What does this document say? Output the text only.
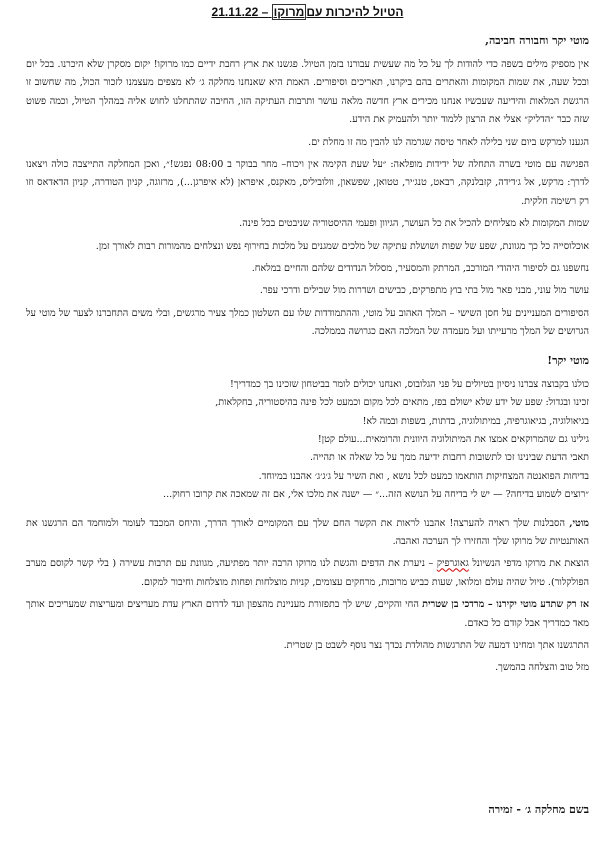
הטיול להיכרות עםמרוקו – 21.11.22
מוטי יקר וחבורה חביבה,

אין מספיק מילים בשפה כדי להודות לך על כל מה שעשית עבורנו בזמן הטיול. פגשנו את ארץ רחבת ידיים כמו מרוקו! יקום מסקרן שלא היכרנו. בכל יום ובכל שעה, את שמות המקומות והאתרים בהם ביקרנו, תאריכים וסיפורים. האמת היא שאנחנו מחלקה ג׳ לא מצפים מעצמנו לזכור הכול, מה שחשוב זו הרגשת המלאות והידיעה שעכשיו אנחנו מכירים ארץ חדשה מלאה עושר ותרבות העתיקה הזו, החיבה שהתחלנו לחוש אליה במהלך הטיול, וכמה פשוט שזה כבר ״הדליק״ אצלי את הרצון ללמוד יותר ולהעמיק את הידע.

הגענו למרקש ביום שני בלילה לאחר טיסה שגרמה לנו להבין מה זו מחלת ים.

הפגישה עם מוטי בשרה התחלה של ידידות מופלאה: ״על שעת הקימה אין ויכוח– מחר בבוקר ב 08:00 נפגש!״, ואכן המחלקה התייצבה כולה ויצאנו לדרך: מרקש, אל ג׳דידה, קזבלנקה, רבאט, טנג׳יר, טטואן, שפשאון, וולוביליס, מאקנס, איפראן (לא איפרגן...), מרזוגה, קניון הטודרה, קניון הדאדאס וזו רק רשימה חלקית.

שמות המקומות לא מצליחים להכיל את כל העושר, הגיוון ופעמי ההיסטוריה שניבטים בכל פינה.

אוכלוסייה כל כך מגוונת, שפע של שפות ושושלת עתיקה של מלכים שמגנים על מלכות בחירוף נפש ונצלחים מהמורות רבות לאורך זמן.

נחשפנו גם לסיפור היהודי המורכב, המרתק והמסעיר, מסלול הנדודים שלהם והחיים במלאח.

עושר מול עוני, מבני פאר מול בתי בוץ מתפרקים, כבישים ושדרות מול שבילים ודרכי עפר.

הסיפורים המעניינים על חסן השישי – המלך האהוב על מוטי, וההתמודדות שלו עם השלטון כמלך צעיר מרגשים, ובלי משים התחברנו לצער של מוטי על הגרושים של המלך מרעייתו ועל מעמדה של המלכה האם כגרושה בממלכה.

מוטי יקר!

כולנו בקבוצה צברנו ניסיון בטיולים על פני הגלובוס, ואנחנו יכולים לומר בביטחון שזכינו בך כמדריך!

זכינו ובגדול: שפע של ידע שלא ישולם בפז, מתאים לכל מקום וכמעט לכל פינה בהיסטוריה, בחקלאות,

בגיאולוגיה, בגיאוגרפיה, במיתולוגיה, בדתות, בשפות ובמה לא!

גילינו גם שהמרוקאים אמצו את המיתולוגיה היוונית והרומאית...עולם קטן!

תאבי הדעת שבינינו זכו לתשובות רחבות ידיעה ממך על כל שאלה או תהייה.

בדיחות הפואנטה המצחיקות הותאמו כמעט לכל נושא , ואת השיר על ג׳ג׳ג׳ אהבנו במיוחד.

״רוצים לשמוע בדיחה? — יש לי בדיחה על הנושא הזה...״ — ישנה את מלכו אלי, אם זה שמאכה את קרובו רחוק...

מוטי, הסבלנות שלך ראויה להערצה! אהבנו לראות את הקשר החם שלך עם המקומיים לאורך הדרך, והיחס המכבד לעומר ולמוחמד הם הרגשנו את האותנטיות של מרוקו שלך והחזירו לך הערכה ואהבה.

הוצאת את מרוקו מדפי הנשיונל גאוגרפיק – ניערת את הדפים והגשת לנו מרוקו הרבה יותר מפתיעה, מגוונת עם תרבות עשירה ( בלי קשר לקוסם מערב הפולקלור). טיול שהיה עולם ומלואו, שעות כביש מרובות, מרחקים עצומים, קניות מוצלחות ופחות מוצלחות וחיבור למקום.

אז רק שתדע מוטי יקירנו – מרדכי בן שטרית החי והקיים, שיש לך בתפזורת מעניינת מהצפון ועד לדרום הארץ עדת מעריצים ומעריצות שמעריכים אותך מאד כמדריך אבל קודם כל כאדם.

התרגשנו אתך ומחינו דמעה של התרגשות מהולדת נכדך נצר נוסף לשבט בן שטרית.

מזל טוב והצלחה בהמשך.

בשם מחלקה ג׳ - זמירה
